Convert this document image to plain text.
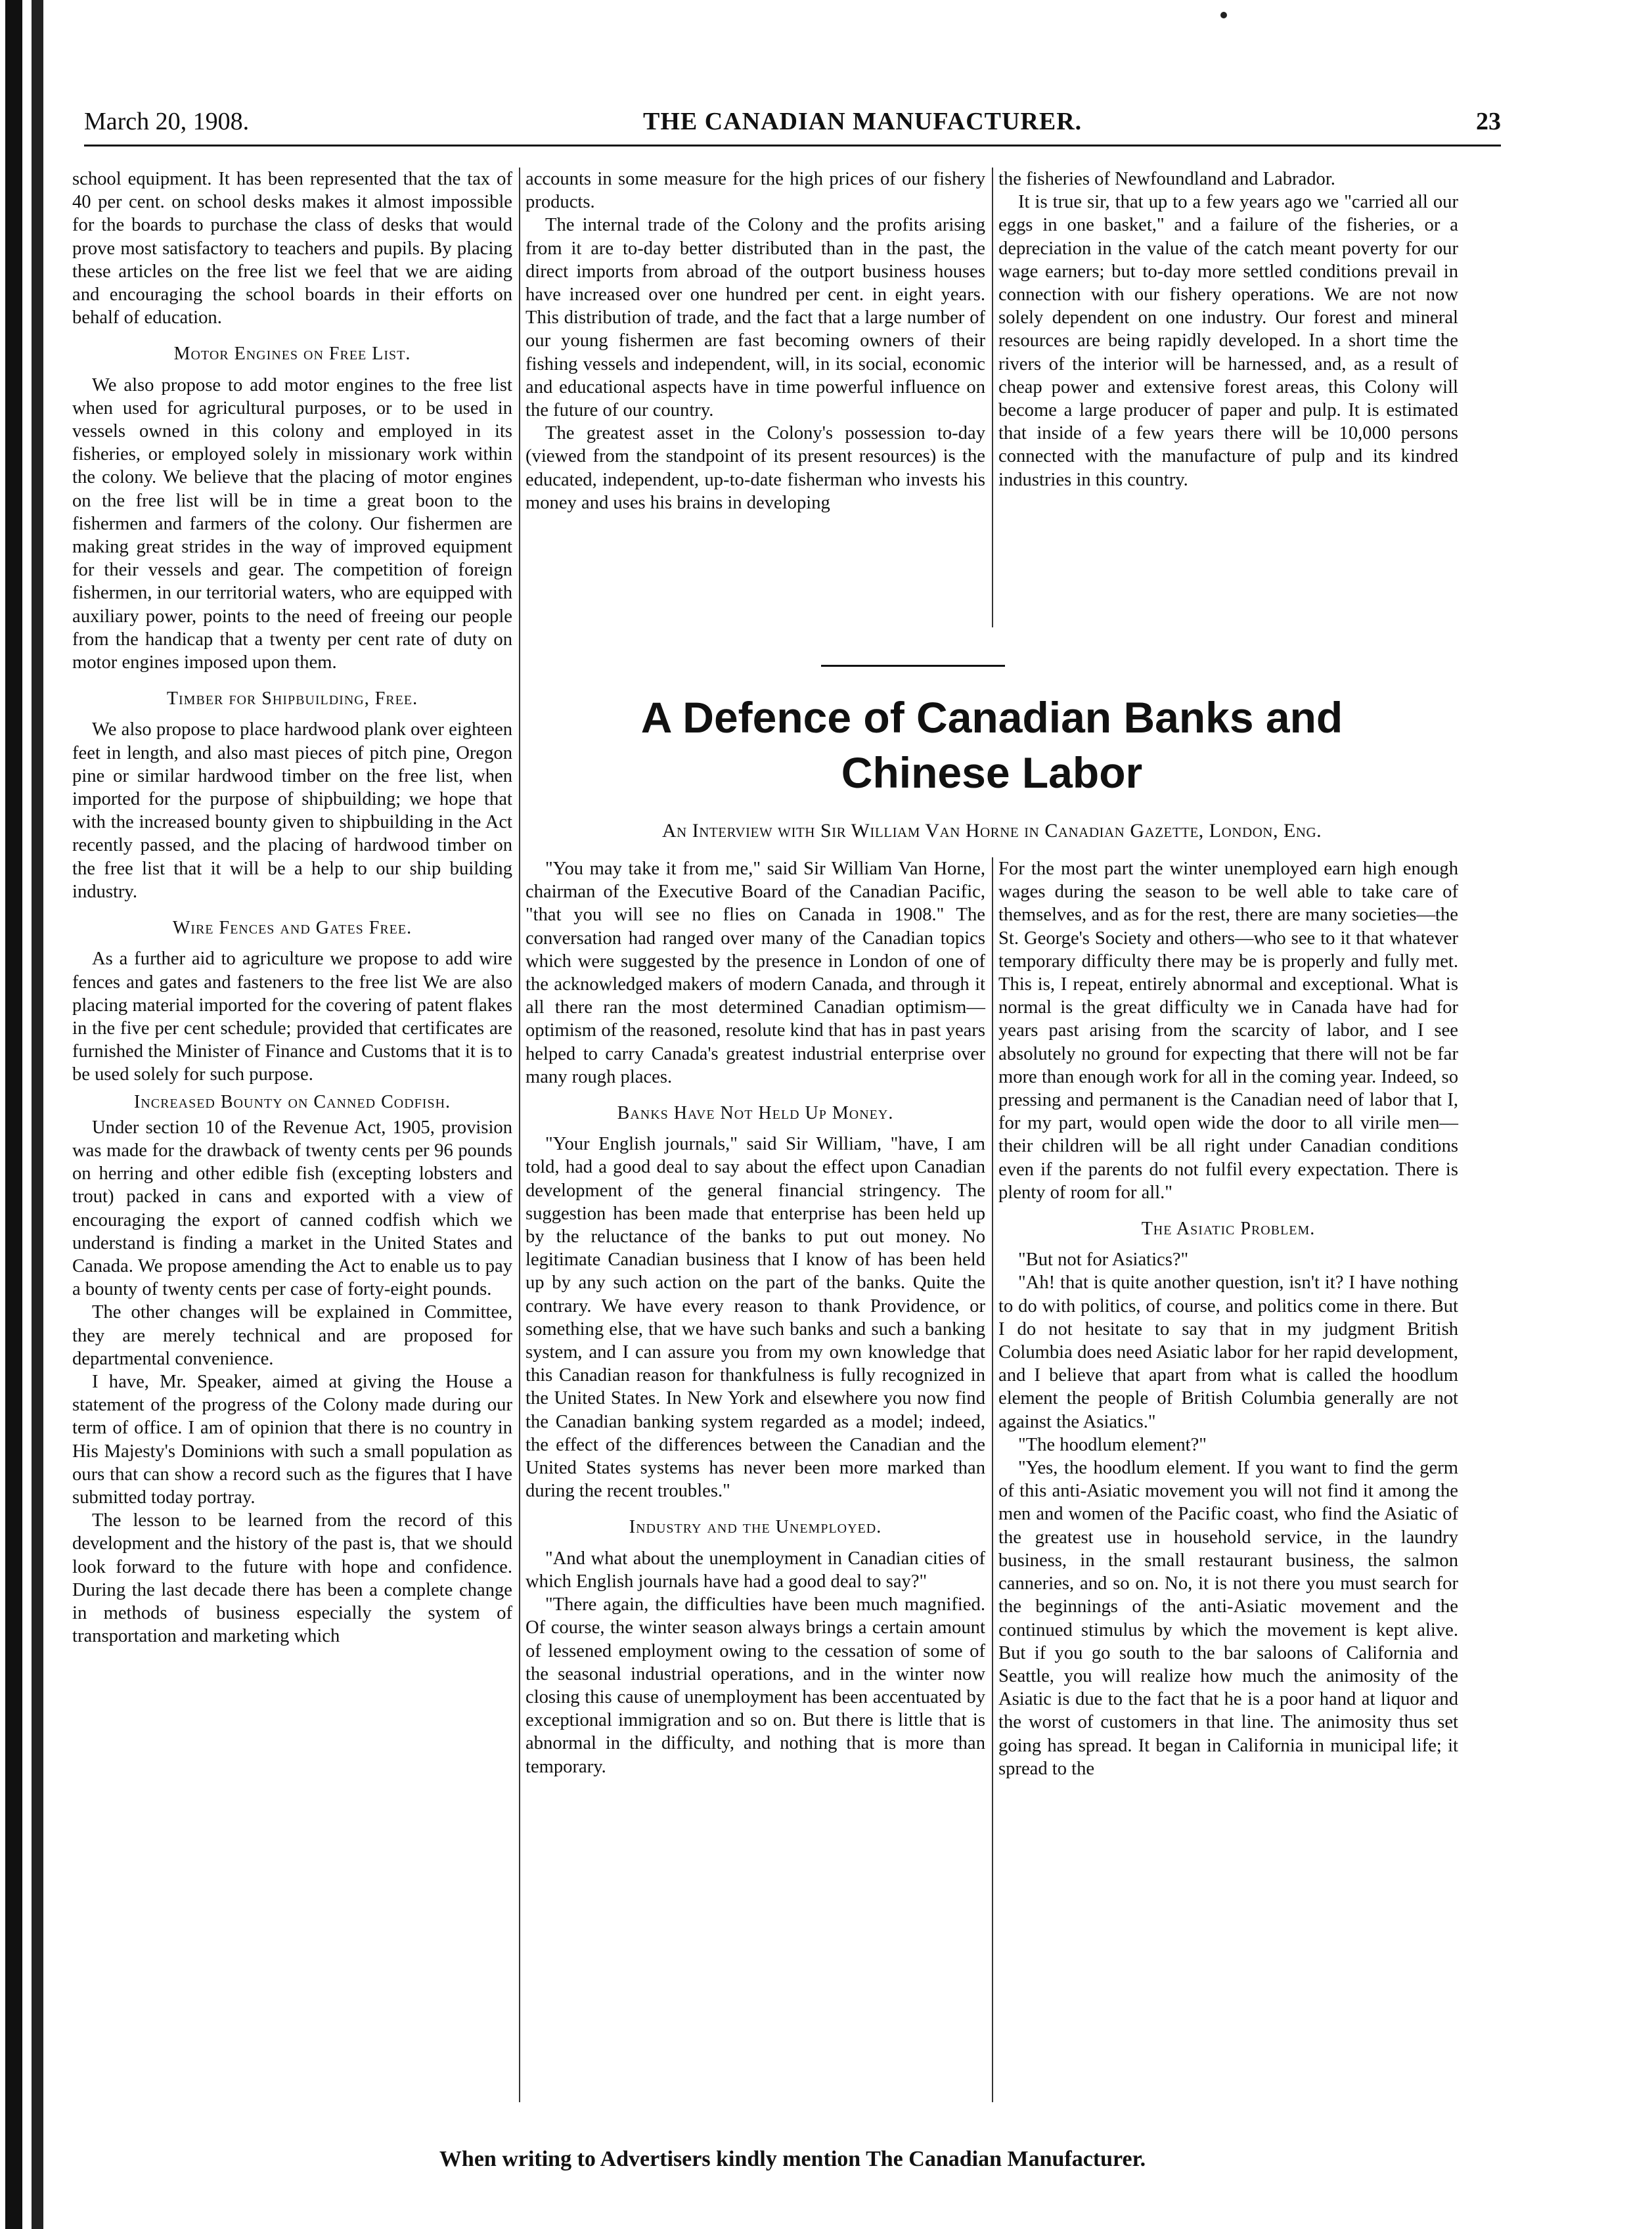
March 20, 1908.	THE CANADIAN MANUFACTURER.	23

school equipment. It has been represented that the tax of 40 per cent. on school desks makes it almost impossible for the boards to purchase the class of desks that would prove most satisfactory to teachers and pupils. By placing these articles on the free list we feel that we are aiding and encouraging the school boards in their efforts on behalf of education.

Motor Engines on Free List.

We also propose to add motor engines to the free list when used for agricultural purposes, or to be used in vessels owned in this colony and employed in its fisheries, or employed solely in missionary work within the colony. We believe that the placing of motor engines on the free list will be in time a great boon to the fishermen and farmers of the colony. Our fishermen are making great strides in the way of improved equipment for their vessels and gear. The competition of foreign fishermen, in our territorial waters, who are equipped with auxiliary power, points to the need of freeing our people from the handicap that a twenty per cent rate of duty on motor engines imposed upon them.

Timber for Shipbuilding, Free.

We also propose to place hardwood plank over eighteen feet in length, and also mast pieces of pitch pine, Oregon pine or similar hardwood timber on the free list, when imported for the purpose of shipbuilding; we hope that with the increased bounty given to shipbuilding in the Act recently passed, and the placing of hardwood timber on the free list that it will be a help to our ship building industry.

Wire Fences and Gates Free.

As a further aid to agriculture we propose to add wire fences and gates and fasteners to the free list We are also placing material imported for the covering of patent flakes in the five per cent schedule; provided that certificates are furnished the Minister of Finance and Customs that it is to be used solely for such purpose.

Increased Bounty on Canned Codfish.

Under section 10 of the Revenue Act, 1905, provision was made for the drawback of twenty cents per 96 pounds on herring and other edible fish (excepting lobsters and trout) packed in cans and exported with a view of encouraging the export of canned codfish which we understand is finding a market in the United States and Canada. We propose amending the Act to enable us to pay a bounty of twenty cents per case of forty-eight pounds.

The other changes will be explained in Committee, they are merely technical and are proposed for departmental convenience.

I have, Mr. Speaker, aimed at giving the House a statement of the progress of the Colony made during our term of office. I am of opinion that there is no country in His Majesty's Dominions with such a small population as ours that can show a record such as the figures that I have submitted today portray.

The lesson to be learned from the record of this development and the history of the past is, that we should look forward to the future with hope and confidence. During the last decade there has been a complete change in methods of business especially the system of transportation and marketing which

accounts in some measure for the high prices of our fishery products.

The internal trade of the Colony and the profits arising from it are to-day better distributed than in the past, the direct imports from abroad of the outport business houses have increased over one hundred per cent. in eight years. This distribution of trade, and the fact that a large number of our young fishermen are fast becoming owners of their fishing vessels and independent, will, in its social, economic and educational aspects have in time powerful influence on the future of our country.

The greatest asset in the Colony's possession to-day (viewed from the standpoint of its present resources) is the educated, independent, up-to-date fisherman who invests his money and uses his brains in developing

the fisheries of Newfoundland and Labrador.

It is true sir, that up to a few years ago we "carried all our eggs in one basket," and a failure of the fisheries, or a depreciation in the value of the catch meant poverty for our wage earners; but to-day more settled conditions prevail in connection with our fishery operations. We are not now solely dependent on one industry. Our forest and mineral resources are being rapidly developed. In a short time the rivers of the interior will be harnessed, and, as a result of cheap power and extensive forest areas, this Colony will become a large producer of paper and pulp. It is estimated that inside of a few years there will be 10,000 persons connected with the manufacture of pulp and its kindred industries in this country.

A Defence of Canadian Banks and
Chinese Labor
An Interview with Sir William Van Horne in Canadian Gazette, London, Eng.

"You may take it from me," said Sir William Van Horne, chairman of the Executive Board of the Canadian Pacific, "that you will see no flies on Canada in 1908." The conversation had ranged over many of the Canadian topics which were suggested by the presence in London of one of the acknowledged makers of modern Canada, and through it all there ran the most determined Canadian optimism—optimism of the reasoned, resolute kind that has in past years helped to carry Canada's greatest industrial enterprise over many rough places.

Banks Have Not Held Up Money.

"Your English journals," said Sir William, "have, I am told, had a good deal to say about the effect upon Canadian development of the general financial stringency. The suggestion has been made that enterprise has been held up by the reluctance of the banks to put out money. No legitimate Canadian business that I know of has been held up by any such action on the part of the banks. Quite the contrary. We have every reason to thank Providence, or something else, that we have such banks and such a banking system, and I can assure you from my own knowledge that this Canadian reason for thankfulness is fully recognized in the United States. In New York and elsewhere you now find the Canadian banking system regarded as a model; indeed, the effect of the differences between the Canadian and the United States systems has never been more marked than during the recent troubles."

Industry and the Unemployed.

"And what about the unemployment in Canadian cities of which English journals have had a good deal to say?"

"There again, the difficulties have been much magnified. Of course, the winter season always brings a certain amount of lessened employment owing to the cessation of some of the seasonal industrial operations, and in the winter now closing this cause of unemployment has been accentuated by exceptional immigration and so on. But there is little that is abnormal in the difficulty, and nothing that is more than temporary.

For the most part the winter unemployed earn high enough wages during the season to be well able to take care of themselves, and as for the rest, there are many societies—the St. George's Society and others—who see to it that whatever temporary difficulty there may be is properly and fully met. This is, I repeat, entirely abnormal and exceptional. What is normal is the great difficulty we in Canada have had for years past arising from the scarcity of labor, and I see absolutely no ground for expecting that there will not be far more than enough work for all in the coming year. Indeed, so pressing and permanent is the Canadian need of labor that I, for my part, would open wide the door to all virile men—their children will be all right under Canadian conditions even if the parents do not fulfil every expectation. There is plenty of room for all."

The Asiatic Problem.

"But not for Asiatics?"

"Ah! that is quite another question, isn't it? I have nothing to do with politics, of course, and politics come in there. But I do not hesitate to say that in my judgment British Columbia does need Asiatic labor for her rapid development, and I believe that apart from what is called the hoodlum element the people of British Columbia generally are not against the Asiatics."

"The hoodlum element?"

"Yes, the hoodlum element. If you want to find the germ of this anti-Asiatic movement you will not find it among the men and women of the Pacific coast, who find the Asiatic of the greatest use in household service, in the laundry business, in the small restaurant business, the salmon canneries, and so on. No, it is not there you must search for the beginnings of the anti-Asiatic movement and the continued stimulus by which the movement is kept alive. But if you go south to the bar saloons of California and Seattle, you will realize how much the animosity of the Asiatic is due to the fact that he is a poor hand at liquor and the worst of customers in that line. The animosity thus set going has spread. It began in California in municipal life; it spread to the

When writing to Advertisers kindly mention The Canadian Manufacturer.
